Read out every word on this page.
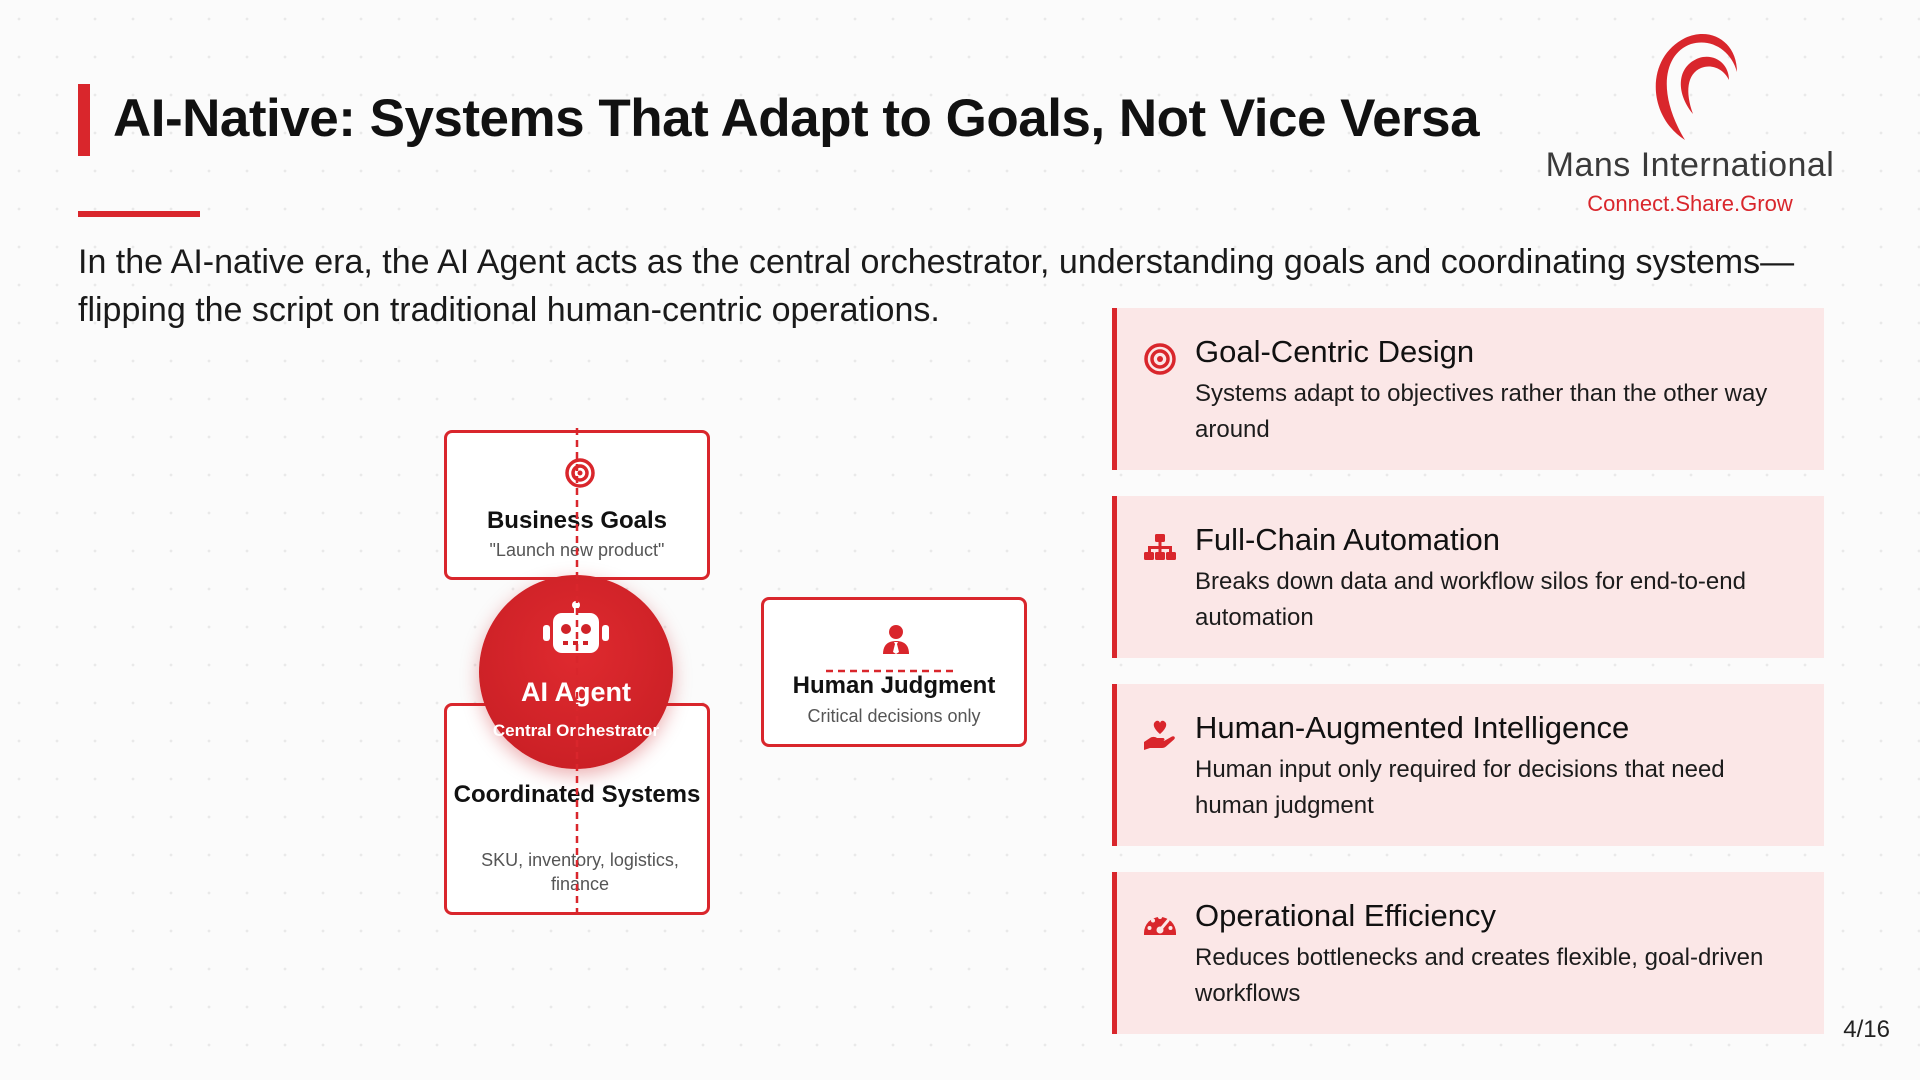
AI-Native: Systems That Adapt to Goals, Not Vice Versa
Mans International
Connect.Share.Grow

In the AI-native era, the AI Agent acts as the central orchestrator, understanding goals and coordinating systems—flipping the script on traditional human-centric operations.

Business Goals
"Launch new product"
Coordinated Systems
SKU, inventory, logistics, finance
AI Agent
Central Orchestrator
Human Judgment
Critical decisions only
Goal-Centric Design

Systems adapt to objectives rather than the other way around

Full-Chain Automation

Breaks down data and workflow silos for end-to-end automation

Human-Augmented Intelligence

Human input only required for decisions that need human judgment

Operational Efficiency

Reduces bottlenecks and creates flexible, goal-driven workflows

4/16
